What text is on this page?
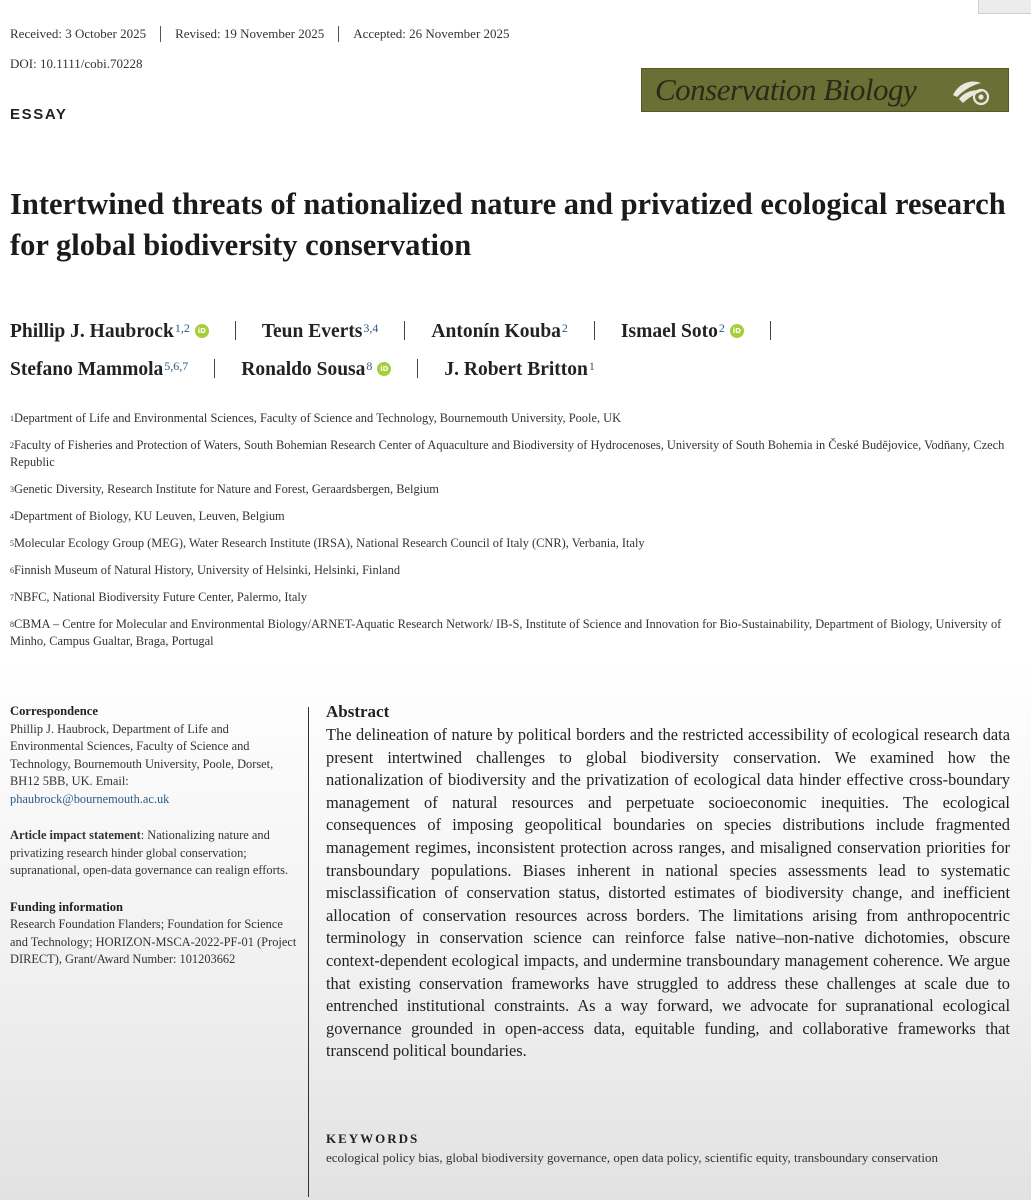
Received: 3 October 2025	Revised: 19 November 2025	Accepted: 26 November 2025
DOI: 10.1111/cobi.70228
ESSAY
Conservation Biology
Intertwined threats of nationalized nature and privatized ecological research for global biodiversity conservation
Phillip J. Haubrock$^{1,2}$ iD	Teun Everts$^{3,4}$	Antonín Kouba$^2$	Ismael Soto$^2$ iD
Stefano Mammola$^{5,6,7}$	Ronaldo Sousa$^8$ iD	J. Robert Britton$^1$
$^1$Department of Life and Environmental Sciences, Faculty of Science and Technology, Bournemouth University, Poole, UK
$^2$Faculty of Fisheries and Protection of Waters, South Bohemian Research Center of Aquaculture and Biodiversity of Hydrocenoses, University of South Bohemia in České Budějovice, Vodňany, Czech Republic
$^3$Genetic Diversity, Research Institute for Nature and Forest, Geraardsbergen, Belgium
$^4$Department of Biology, KU Leuven, Leuven, Belgium
$^5$Molecular Ecology Group (MEG), Water Research Institute (IRSA), National Research Council of Italy (CNR), Verbania, Italy
$^6$Finnish Museum of Natural History, University of Helsinki, Helsinki, Finland
$^7$NBFC, National Biodiversity Future Center, Palermo, Italy
$^8$CBMA – Centre for Molecular and Environmental Biology/ARNET-Aquatic Research Network/ IB-S, Institute of Science and Innovation for Bio-Sustainability, Department of Biology, University of Minho, Campus Gualtar, Braga, Portugal
Correspondence
Phillip J. Haubrock, Department of Life and Environmental Sciences, Faculty of Science and Technology, Bournemouth University, Poole, Dorset, BH12 5BB, UK. Email:
phaubrock@bournemouth.ac.uk
Article impact statement: Nationalizing nature and privatizing research hinder global conservation; supranational, open-data governance can realign efforts.
Funding information
Research Foundation Flanders; Foundation for Science and Technology; HORIZON-MSCA-2022-PF-01 (Project DIRECT), Grant/Award Number: 101203662
Abstract

The delineation of nature by political borders and the restricted accessibility of ecological research data present intertwined challenges to global biodiversity conservation. We examined how the nationalization of biodiversity and the privatization of ecological data hinder effective cross-boundary management of natural resources and perpetuate socioeconomic inequities. The ecological consequences of imposing geopolitical boundaries on species distributions include fragmented management regimes, inconsistent protection across ranges, and misaligned conservation priorities for transboundary populations. Biases inherent in national species assessments lead to systematic misclassification of conservation status, distorted estimates of biodiversity change, and inefficient allocation of conservation resources across borders. The limitations arising from anthropocentric terminology in conservation science can reinforce false native–non-native dichotomies, obscure context-dependent ecological impacts, and undermine transboundary management coherence. We argue that existing conservation frameworks have struggled to address these challenges at scale due to entrenched institutional constraints. As a way forward, we advocate for supranational ecological governance grounded in open-access data, equitable funding, and collaborative frameworks that transcend political boundaries.

KEYWORDS

ecological policy bias, global biodiversity governance, open data policy, scientific equity, transboundary conservation
